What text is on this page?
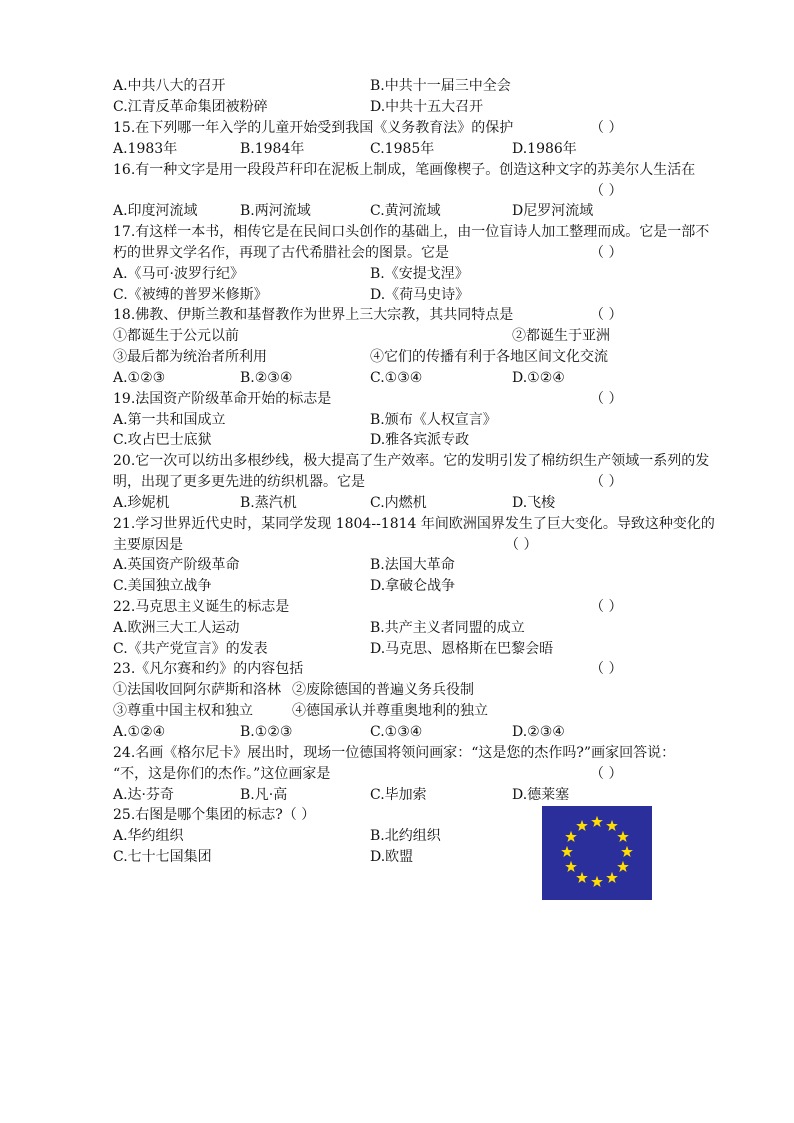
A.中共八大的召开	B.中共十一届三中全会
C.江青反革命集团被粉碎	D.中共十五大召开
15.在下列哪一年入学的儿童开始受到我国《义务教育法》的保护	（ ）
A.1983年	B.1984年	C.1985年	D.1986年
16.有一种文字是用一段段芦秆印在泥板上制成，笔画像楔子。创造这种文字的苏美尔人生活在
（ ）
A.印度河流域	B.两河流域	C.黄河流域	D尼罗河流域
17.有这样一本书，相传它是在民间口头创作的基础上，由一位盲诗人加工整理而成。它是一部不
朽的世界文学名作，再现了古代希腊社会的图景。它是	（ ）
A.《马可·波罗行纪》	B.《安提戈涅》
C.《被缚的普罗米修斯》	D.《荷马史诗》
18.佛教、伊斯兰教和基督教作为世界上三大宗教，其共同特点是	（ ）
①都诞生于公元以前	②都诞生于亚洲
③最后都为统治者所利用	④它们的传播有利于各地区间文化交流
A.①②③	B.②③④	C.①③④	D.①②④
19.法国资产阶级革命开始的标志是	（ ）
A.第一共和国成立	B.颁布《人权宣言》
C.攻占巴士底狱	D.雅各宾派专政
20.它一次可以纺出多根纱线，极大提高了生产效率。它的发明引发了棉纺织生产领域一系列的发
明，出现了更多更先进的纺织机器。它是	（ ）
A.珍妮机	B.蒸汽机	C.内燃机	D.飞梭
21.学习世界近代史时，某同学发现 1804--1814 年间欧洲国界发生了巨大变化。导致这种变化的
主要原因是	（ ）
A.英国资产阶级革命	B.法国大革命
C.美国独立战争	D.拿破仑战争
22.马克思主义诞生的标志是	（ ）
A.欧洲三大工人运动	B.共产主义者同盟的成立
C.《共产党宣言》的发表	D.马克思、恩格斯在巴黎会晤
23.《凡尔赛和约》的内容包括	（ ）
①法国收回阿尔萨斯和洛林 ②废除德国的普遍义务兵役制
③尊重中国主权和独立	④德国承认并尊重奥地利的独立
A.①②④	B.①②③	C.①③④	D.②③④
24.名画《格尔尼卡》展出时，现场一位德国将领问画家：“这是您的杰作吗?”画家回答说：
“不，这是你们的杰作。”这位画家是	（ ）
A.达·芬奇	B.凡·高	C.毕加索	D.德莱塞
25.右图是哪个集团的标志?（ ）
A.华约组织	B.北约组织
C.七十七国集团	D.欧盟
